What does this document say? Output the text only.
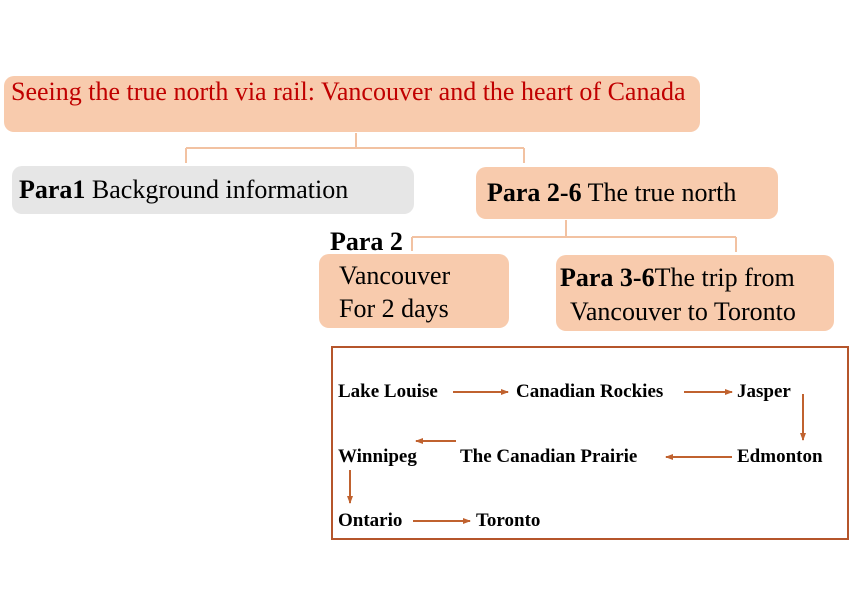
Seeing the true north via rail: Vancouver and the heart of Canada
Para1 Background information	Para 2-6 The true north
Vancouver
For 2 days
Para 2
Para 3-6The trip from
Vancouver to Toronto
Lake Louise	Canadian Rockies	Jasper
Edmonton
The Canadian Prairie
Winnipeg
Ontario	Toronto
